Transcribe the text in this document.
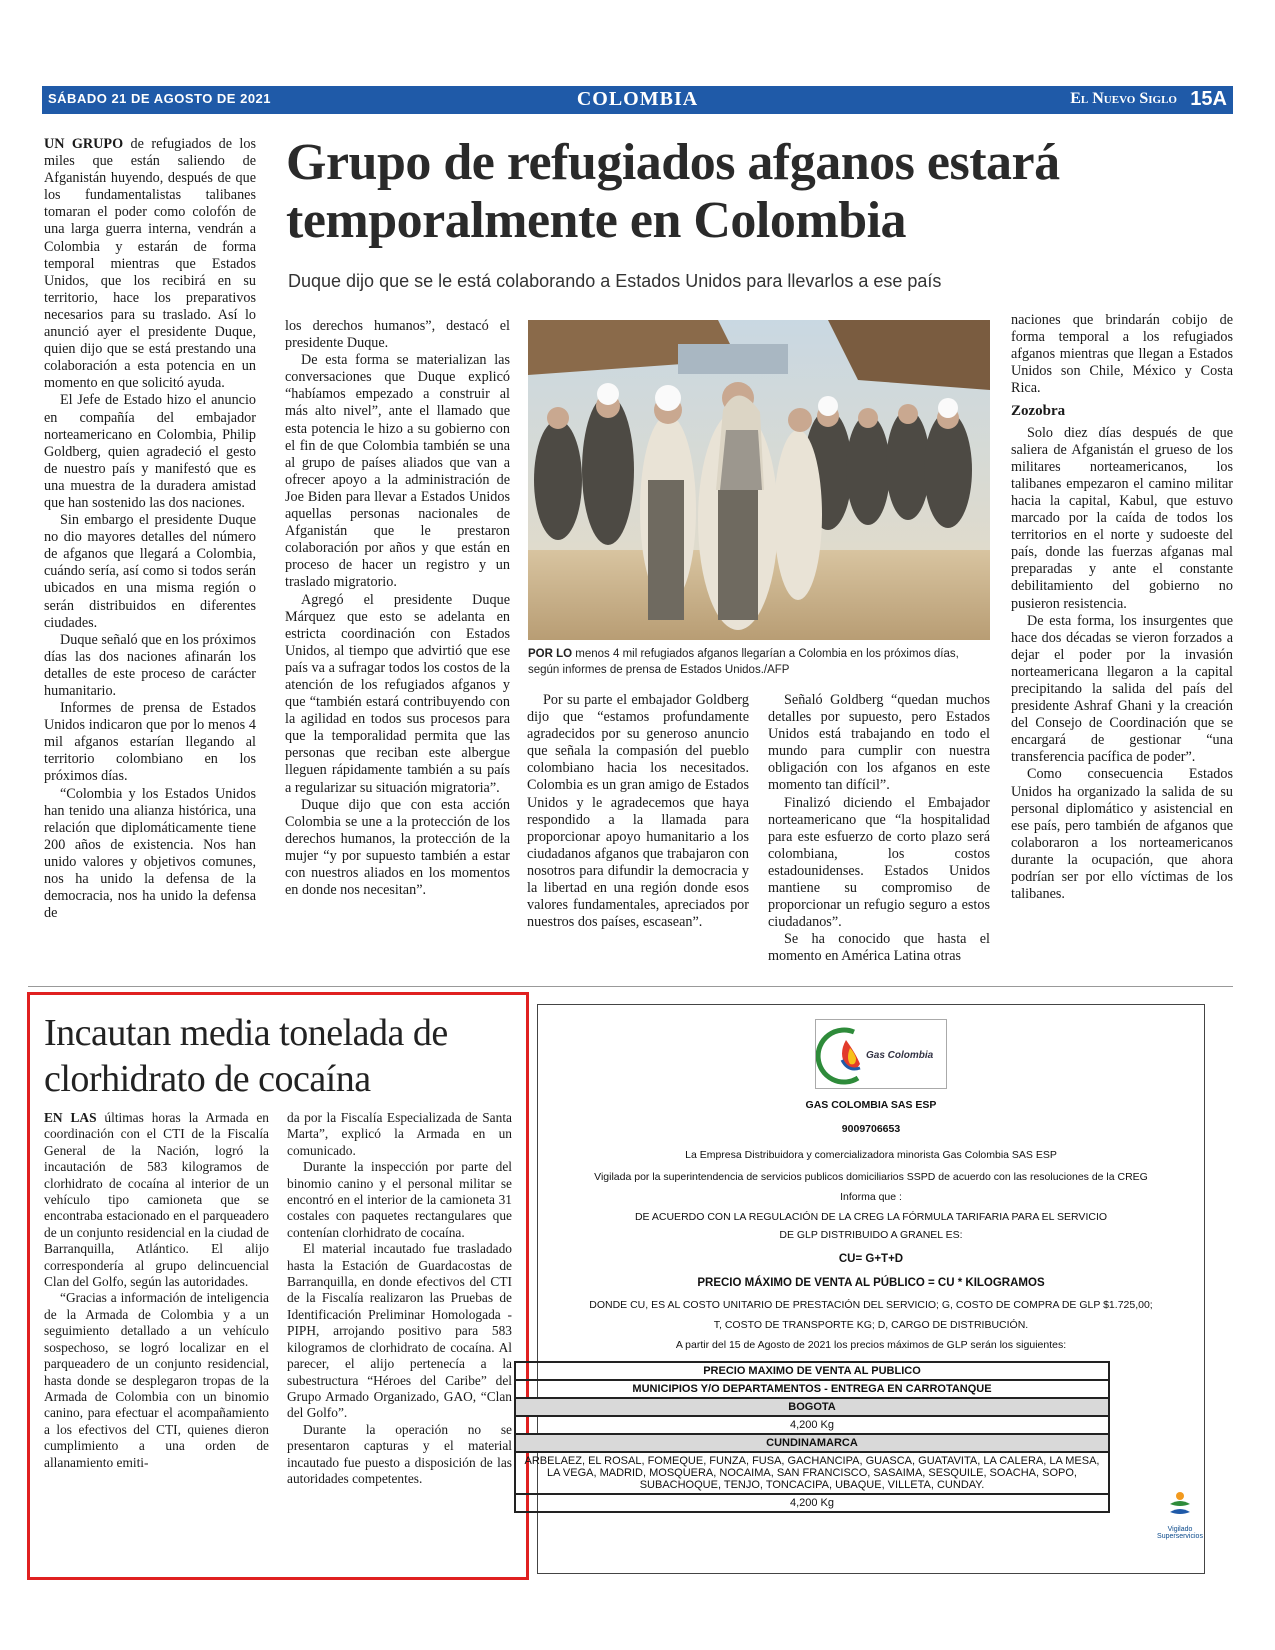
SÁBADO 21 DE AGOSTO DE 2021	COLOMBIA	El Nuevo Siglo 15A

UN GRUPO de refugiados de los miles que están saliendo de Afganistán huyendo, después de que los fundamentalistas talibanes tomaran el poder como colofón de una larga guerra interna, vendrán a Colombia y estarán de forma temporal mientras que Estados Unidos, que los recibirá en su territorio, hace los preparativos necesarios para su traslado. Así lo anunció ayer el presidente Duque, quien dijo que se está prestando una colaboración a esta potencia en un momento en que solicitó ayuda.

El Jefe de Estado hizo el anuncio en compañía del embajador norteamericano en Colombia, Philip Goldberg, quien agradeció el gesto de nuestro país y manifestó que es una muestra de la duradera amistad que han sostenido las dos naciones.

Sin embargo el presidente Duque no dio mayores detalles del número de afganos que llegará a Colombia, cuándo sería, así como si todos serán ubicados en una misma región o serán distribuidos en diferentes ciudades.

Duque señaló que en los próximos días las dos naciones afinarán los detalles de este proceso de carácter humanitario.

Informes de prensa de Estados Unidos indicaron que por lo menos 4 mil afganos estarían llegando al territorio colombiano en los próximos días.

“Colombia y los Estados Unidos han tenido una alianza histórica, una relación que diplomáticamente tiene 200 años de existencia. Nos han unido valores y objetivos comunes, nos ha unido la defensa de la democracia, nos ha unido la defensa de

Grupo de refugiados afganos estará temporalmente en Colombia
Duque dijo que se le está colaborando a Estados Unidos para llevarlos a ese país

los derechos humanos”, destacó el presidente Duque.

De esta forma se materializan las conversaciones que Duque explicó “habíamos empezado a construir al más alto nivel”, ante el llamado que esta potencia le hizo a su gobierno con el fin de que Colombia también se una al grupo de países aliados que van a ofrecer apoyo a la administración de Joe Biden para llevar a Estados Unidos aquellas personas nacionales de Afganistán que le prestaron colaboración por años y que están en proceso de hacer un registro y un traslado migratorio.

Agregó el presidente Duque Márquez que esto se adelanta en estricta coordinación con Estados Unidos, al tiempo que advirtió que ese país va a sufragar todos los costos de la atención de los refugiados afganos y que “también estará contribuyendo con la agilidad en todos sus procesos para que la temporalidad permita que las personas que reciban este albergue lleguen rápidamente también a su país a regularizar su situación migratoria”.

Duque dijo que con esta acción Colombia se une a la protección de los derechos humanos, la protección de la mujer “y por supuesto también a estar con nuestros aliados en los momentos en donde nos necesitan”.

POR LO menos 4 mil refugiados afganos llegarían a Colombia en los próximos días, según informes de prensa de Estados Unidos./AFP

Por su parte el embajador Goldberg dijo que “estamos profundamente agradecidos por su generoso anuncio que señala la compasión del pueblo colombiano hacia los necesitados. Colombia es un gran amigo de Estados Unidos y le agradecemos que haya respondido a la llamada para proporcionar apoyo humanitario a los ciudadanos afganos que trabajaron con nosotros para difundir la democracia y la libertad en una región donde esos valores fundamentales, apreciados por nuestros dos países, escasean”.

Señaló Goldberg “quedan muchos detalles por supuesto, pero Estados Unidos está trabajando en todo el mundo para cumplir con nuestra obligación con los afganos en este momento tan difícil”.

Finalizó diciendo el Embajador norteamericano que “la hospitalidad para este esfuerzo de corto plazo será colombiana, los costos estadounidenses. Estados Unidos mantiene su compromiso de proporcionar un refugio seguro a estos ciudadanos”.

Se ha conocido que hasta el momento en América Latina otras

naciones que brindarán cobijo de forma temporal a los refugiados afganos mientras que llegan a Estados Unidos son Chile, México y Costa Rica.

Zozobra

Solo diez días después de que saliera de Afganistán el grueso de los militares norteamericanos, los talibanes empezaron el camino militar hacia la capital, Kabul, que estuvo marcado por la caída de todos los territorios en el norte y sudoeste del país, donde las fuerzas afganas mal preparadas y ante el constante debilitamiento del gobierno no pusieron resistencia.

De esta forma, los insurgentes que hace dos décadas se vieron forzados a dejar el poder por la invasión norteamericana llegaron a la capital precipitando la salida del país del presidente Ashraf Ghani y la creación del Consejo de Coordinación que se encargará de gestionar “una transferencia pacífica de poder”.

Como consecuencia Estados Unidos ha organizado la salida de su personal diplomático y asistencial en ese país, pero también de afganos que colaboraron a los norteamericanos durante la ocupación, que ahora podrían ser por ello víctimas de los talibanes.

Incautan media tonelada de clorhidrato de cocaína

EN LAS últimas horas la Armada en coordinación con el CTI de la Fiscalía General de la Nación, logró la incautación de 583 kilogramos de clorhidrato de cocaína al interior de un vehículo tipo camioneta que se encontraba estacionado en el parqueadero de un conjunto residencial en la ciudad de Barranquilla, Atlántico. El alijo correspondería al grupo delincuencial Clan del Golfo, según las autoridades.

“Gracias a información de inteligencia de la Armada de Colombia y a un seguimiento detallado a un vehículo sospechoso, se logró localizar en el parqueadero de un conjunto residencial, hasta donde se desplegaron tropas de la Armada de Colombia con un binomio canino, para efectuar el acompañamiento a los efectivos del CTI, quienes dieron cumplimiento a una orden de allanamiento emiti-

da por la Fiscalía Especializada de Santa Marta”, explicó la Armada en un comunicado.

Durante la inspección por parte del binomio canino y el personal militar se encontró en el interior de la camioneta 31 costales con paquetes rectangulares que contenían clorhidrato de cocaína.

El material incautado fue trasladado hasta la Estación de Guardacostas de Barranquilla, en donde efectivos del CTI de la Fiscalía realizaron las Pruebas de Identificación Preliminar Homologada -PIPH, arrojando positivo para 583 kilogramos de clorhidrato de cocaína. Al parecer, el alijo pertenecía a la subestructura “Héroes del Caribe” del Grupo Armado Organizado, GAO, “Clan del Golfo”.

Durante la operación no se presentaron capturas y el material incautado fue puesto a disposición de las autoridades competentes.

Gas Colombia
GAS COLOMBIA SAS ESP
9009706653
La Empresa Distribuidora y comercializadora minorista Gas Colombia SAS ESP
Vigilada por la superintendencia de servicios publicos domiciliarios SSPD de acuerdo con las resoluciones de la CREG
Informa que :
DE ACUERDO CON LA REGULACIÓN DE LA CREG LA FÓRMULA TARIFARIA PARA EL SERVICIO
DE GLP DISTRIBUIDO A GRANEL ES:
CU= G+T+D
PRECIO MÁXIMO DE VENTA AL PÚBLICO = CU * KILOGRAMOS
DONDE CU, ES AL COSTO UNITARIO DE PRESTACIÓN DEL SERVICIO; G, COSTO DE COMPRA DE GLP $1.725,00;
T, COSTO DE TRANSPORTE KG; D, CARGO DE DISTRIBUCIÓN.
A partir del 15 de Agosto de 2021 los precios máximos de GLP serán los siguientes:
PRECIO MAXIMO DE VENTA AL PUBLICO
MUNICIPIOS Y/O DEPARTAMENTOS - ENTREGA EN CARROTANQUE
BOGOTA
4,200 Kg
CUNDINAMARCA
ARBELAEZ, EL ROSAL, FOMEQUE, FUNZA, FUSA, GACHANCIPA, GUASCA, GUATAVITA, LA CALERA, LA MESA, LA VEGA, MADRID, MOSQUERA, NOCAIMA, SAN FRANCISCO, SASAIMA, SESQUILE, SOACHA, SOPO, SUBACHOQUE, TENJO, TONCACIPA, UBAQUE, VILLETA, CUNDAY.
4,200 Kg
Vigilado Superservicios
